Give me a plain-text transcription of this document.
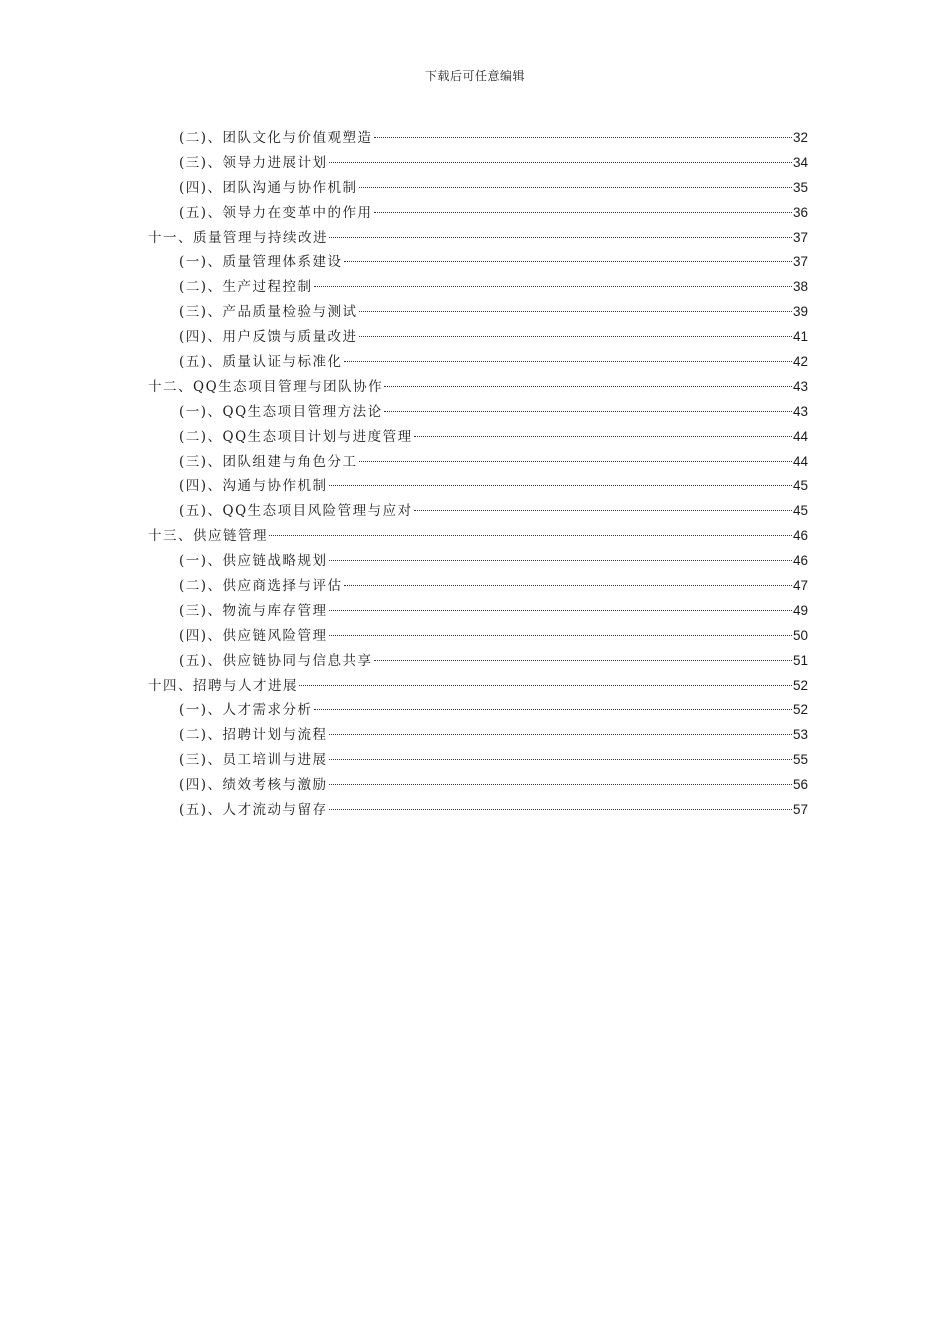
下载后可任意编辑
(二)、团队文化与价值观塑造	32
(三)、领导力进展计划	34
(四)、团队沟通与协作机制	35
(五)、领导力在变革中的作用	36
十一、质量管理与持续改进	37
(一)、质量管理体系建设	37
(二)、生产过程控制	38
(三)、产品质量检验与测试	39
(四)、用户反馈与质量改进	41
(五)、质量认证与标准化	42
十二、QQ生态项目管理与团队协作	43
(一)、QQ生态项目管理方法论	43
(二)、QQ生态项目计划与进度管理	44
(三)、团队组建与角色分工	44
(四)、沟通与协作机制	45
(五)、QQ生态项目风险管理与应对	45
十三、供应链管理	46
(一)、供应链战略规划	46
(二)、供应商选择与评估	47
(三)、物流与库存管理	49
(四)、供应链风险管理	50
(五)、供应链协同与信息共享	51
十四、招聘与人才进展	52
(一)、人才需求分析	52
(二)、招聘计划与流程	53
(三)、员工培训与进展	55
(四)、绩效考核与激励	56
(五)、人才流动与留存	57
